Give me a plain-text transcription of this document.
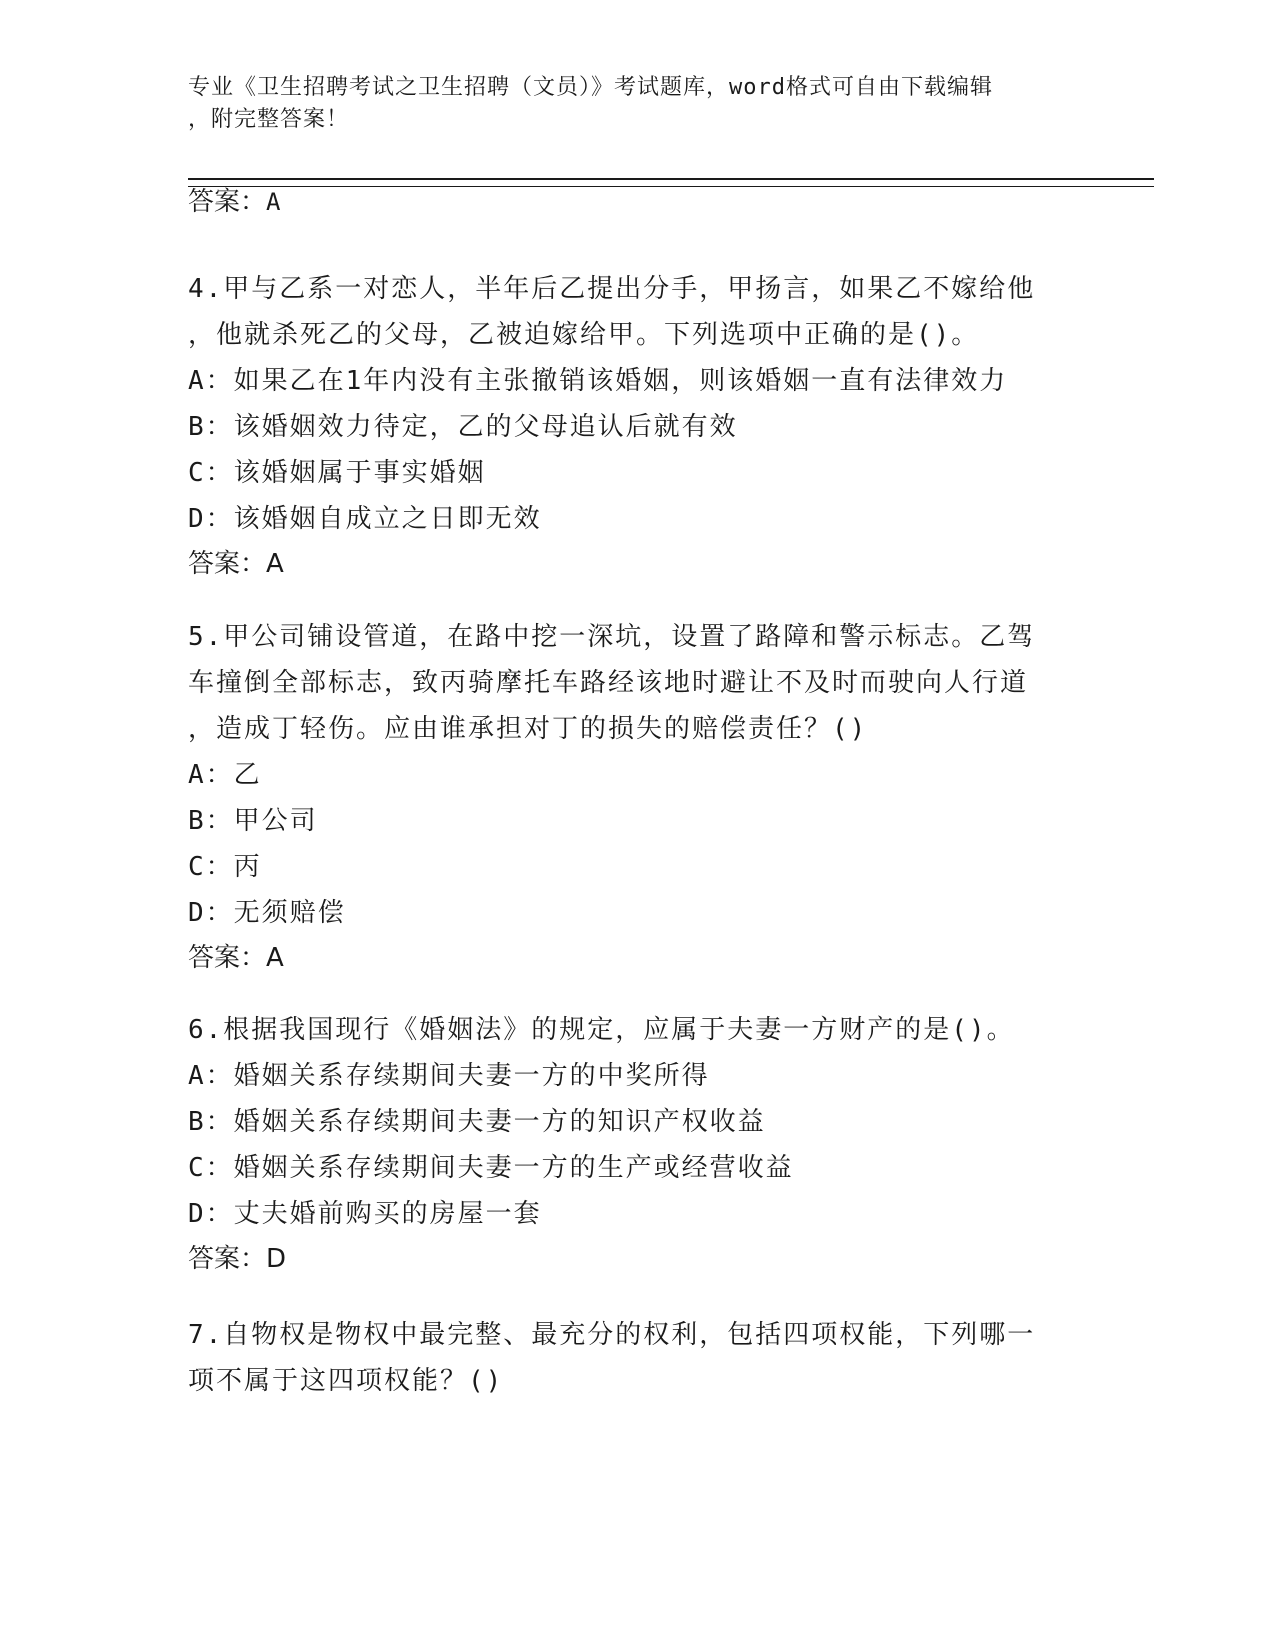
专业《卫生招聘考试之卫生招聘（文员）》考试题库，word格式可自由下载编辑
，附完整答案！
答案：A

4.甲与乙系一对恋人，半年后乙提出分手，甲扬言，如果乙不嫁给他

，他就杀死乙的父母，乙被迫嫁给甲。下列选项中正确的是()。

A：如果乙在1年内没有主张撤销该婚姻，则该婚姻一直有法律效力

B：该婚姻效力待定，乙的父母追认后就有效

C：该婚姻属于事实婚姻

D：该婚姻自成立之日即无效

答案：A

5.甲公司铺设管道，在路中挖一深坑，设置了路障和警示标志。乙驾

车撞倒全部标志，致丙骑摩托车路经该地时避让不及时而驶向人行道

，造成丁轻伤。应由谁承担对丁的损失的赔偿责任？()

A：乙

B：甲公司

C：丙

D：无须赔偿

答案：A

6.根据我国现行《婚姻法》的规定，应属于夫妻一方财产的是()。

A：婚姻关系存续期间夫妻一方的中奖所得

B：婚姻关系存续期间夫妻一方的知识产权收益

C：婚姻关系存续期间夫妻一方的生产或经营收益

D：丈夫婚前购买的房屋一套

答案：D

7.自物权是物权中最完整、最充分的权利，包括四项权能，下列哪一

项不属于这四项权能？()
